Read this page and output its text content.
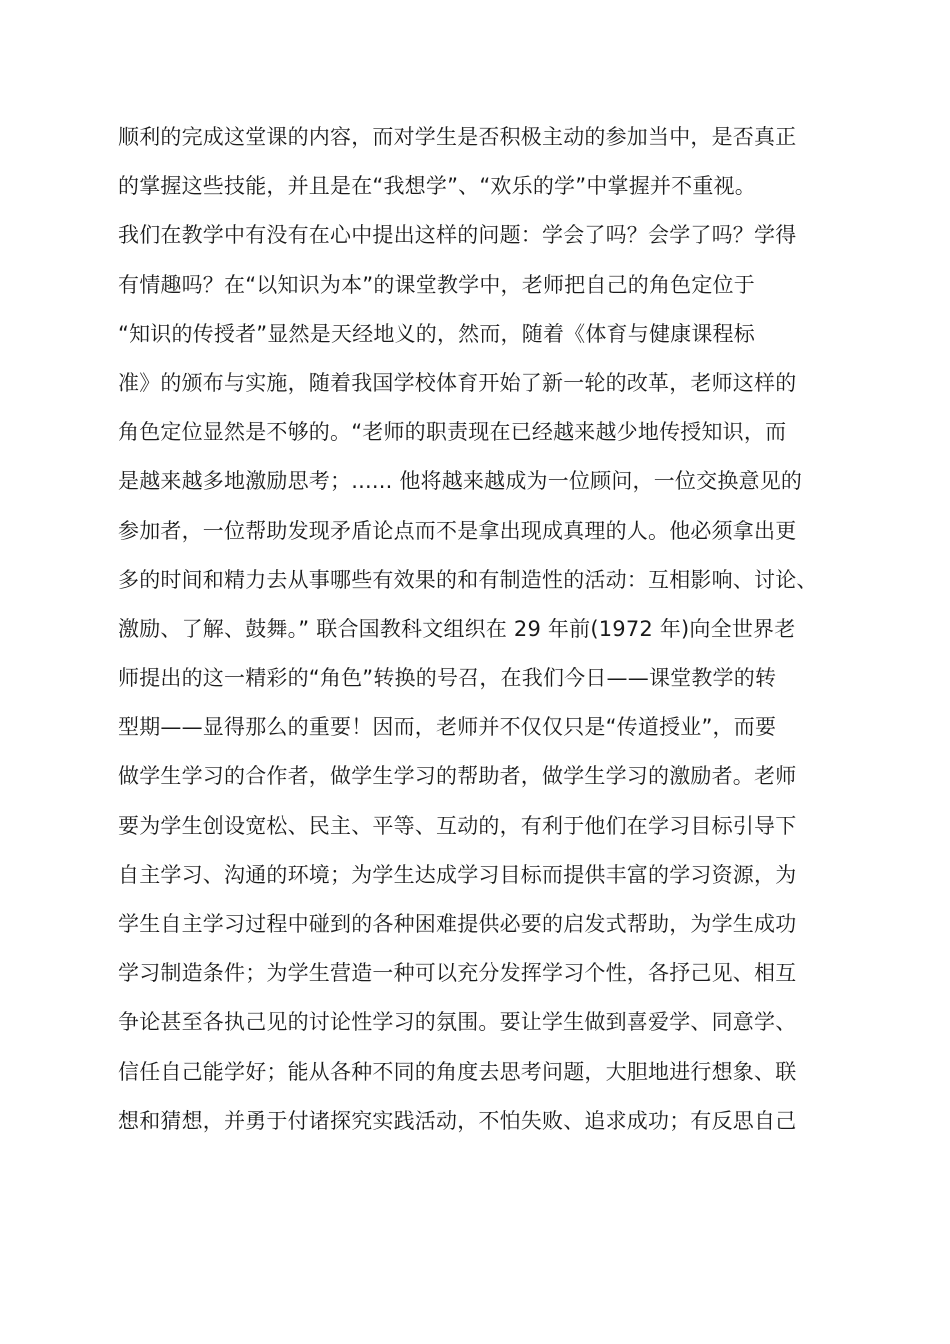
顺利的完成这堂课的内容，而对学生是否积极主动的参加当中，是否真正
的掌握这些技能，并且是在“我想学”、“欢乐的学”中掌握并不重视。
我们在教学中有没有在心中提出这样的问题：学会了吗？会学了吗？学得
有情趣吗？在“以知识为本”的课堂教学中，老师把自己的角色定位于
“知识的传授者”显然是天经地义的，然而，随着《体育与健康课程标
准》的颁布与实施，随着我国学校体育开始了新一轮的改革，老师这样的
角色定位显然是不够的。“老师的职责现在已经越来越少地传授知识，而
是越来越多地激励思考；...... 他将越来越成为一位顾问，一位交换意见的
参加者，一位帮助发现矛盾论点而不是拿出现成真理的人。他必须拿出更
多的时间和精力去从事哪些有效果的和有制造性的活动：互相影响、讨论、
激励、了解、鼓舞。” 联合国教科文组织在 29 年前(1972 年)向全世界老
师提出的这一精彩的“角色”转换的号召，在我们今日——课堂教学的转
型期——显得那么的重要！因而，老师并不仅仅只是“传道授业”，而要
做学生学习的合作者，做学生学习的帮助者，做学生学习的激励者。老师
要为学生创设宽松、民主、平等、互动的，有利于他们在学习目标引导下
自主学习、沟通的环境；为学生达成学习目标而提供丰富的学习资源，为
学生自主学习过程中碰到的各种困难提供必要的启发式帮助，为学生成功
学习制造条件；为学生营造一种可以充分发挥学习个性，各抒己见、相互
争论甚至各执己见的讨论性学习的氛围。要让学生做到喜爱学、同意学、
信任自己能学好；能从各种不同的角度去思考问题，大胆地进行想象、联
想和猜想，并勇于付诸探究实践活动，不怕失败、追求成功；有反思自己
